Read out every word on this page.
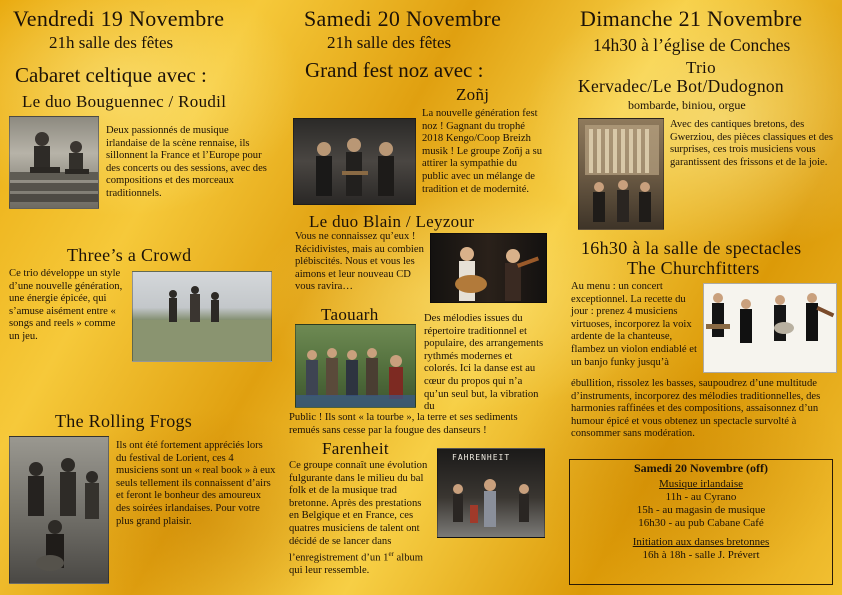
Vendredi 19 Novembre
21h salle des fêtes
Cabaret celtique avec :
Le duo Bouguennec / Roudil
Deux passionnés de musique irlandaise de la scène rennaise, ils sillonnent la France et l’Europe pour des concerts ou des sessions, avec des compositions et des morceaux traditionnels.
Three’s a Crowd
Ce trio développe un style d’une nouvelle génération, une énergie épicée, qui s’amuse aisément entre « songs and reels » comme un jeu.
The Rolling Frogs
Ils ont été fortement appréciés lors du festival de Lorient, ces 4 musiciens sont un « real book » à eux seuls tellement ils connaissent d’airs et feront le bonheur des amoureux des soirées irlandaises. Pour votre plus grand plaisir.
Samedi 20 Novembre
21h salle des fêtes
Grand fest noz avec :
Zoñj
La nouvelle génération fest noz ! Gagnant du trophé 2018 Kengo/Coop Breizh musik ! Le groupe Zoñj a su attirer la sympathie du public avec un mélange de tradition et de modernité.
Le duo Blain / Leyzour
Vous ne connaissez qu’eux ! Récidivistes, mais au combien plébiscités. Nous et vous les aimons et leur nouveau CD vous ravira…
Taouarh	Des mélodies issues du répertoire traditionnel et populaire, des arrangements rythmés modernes et colorés. Ici la danse est au cœur du propos qui n’a qu’un seul but, la vibration du
Public ! Ils sont « la tourbe », la terre et ses sediments remués sans cesse par la fougue des danseurs !
Farenheit
Ce groupe connaît une évolution fulgurante dans le milieu du bal folk et de la musique trad bretonne. Après des prestations en Belgique et en France, ces quatres musiciens de talent ont décidé de se lancer dans l’enregistrement d’un 1er album qui leur ressemble.
FAHRENHEIT
Dimanche 21 Novembre
14h30 à l’église de Conches
Trio
Kervadec/Le Bot/Dudognon
bombarde, biniou, orgue
Avec des cantiques bretons, des Gwerziou, des pièces classiques et des surprises, ces trois musiciens vous garantissent des frissons et de la joie.
16h30 à la salle de spectacles
The Churchfitters
Au menu : un concert exceptionnel. La recette du jour : prenez 4 musiciens virtuoses, incorporez la voix ardente de la chanteuse, flambez un violon endiablé et un banjo funky jusqu’à
ébullition, rissolez les basses, saupoudrez d’une multitude d’instruments, incorporez des mélodies traditionnelles, des harmonies raffinées et des compositions, assaisonnez d’un humour épicé et vous obtenez un spectacle survolté à consommer sans modération.
Samedi 20 Novembre (off)
Musique irlandaise
11h - au Cyrano
15h - au magasin de musique
16h30 - au pub Cabane Café
Initiation aux danses bretonnes
16h à 18h - salle J. Prévert
